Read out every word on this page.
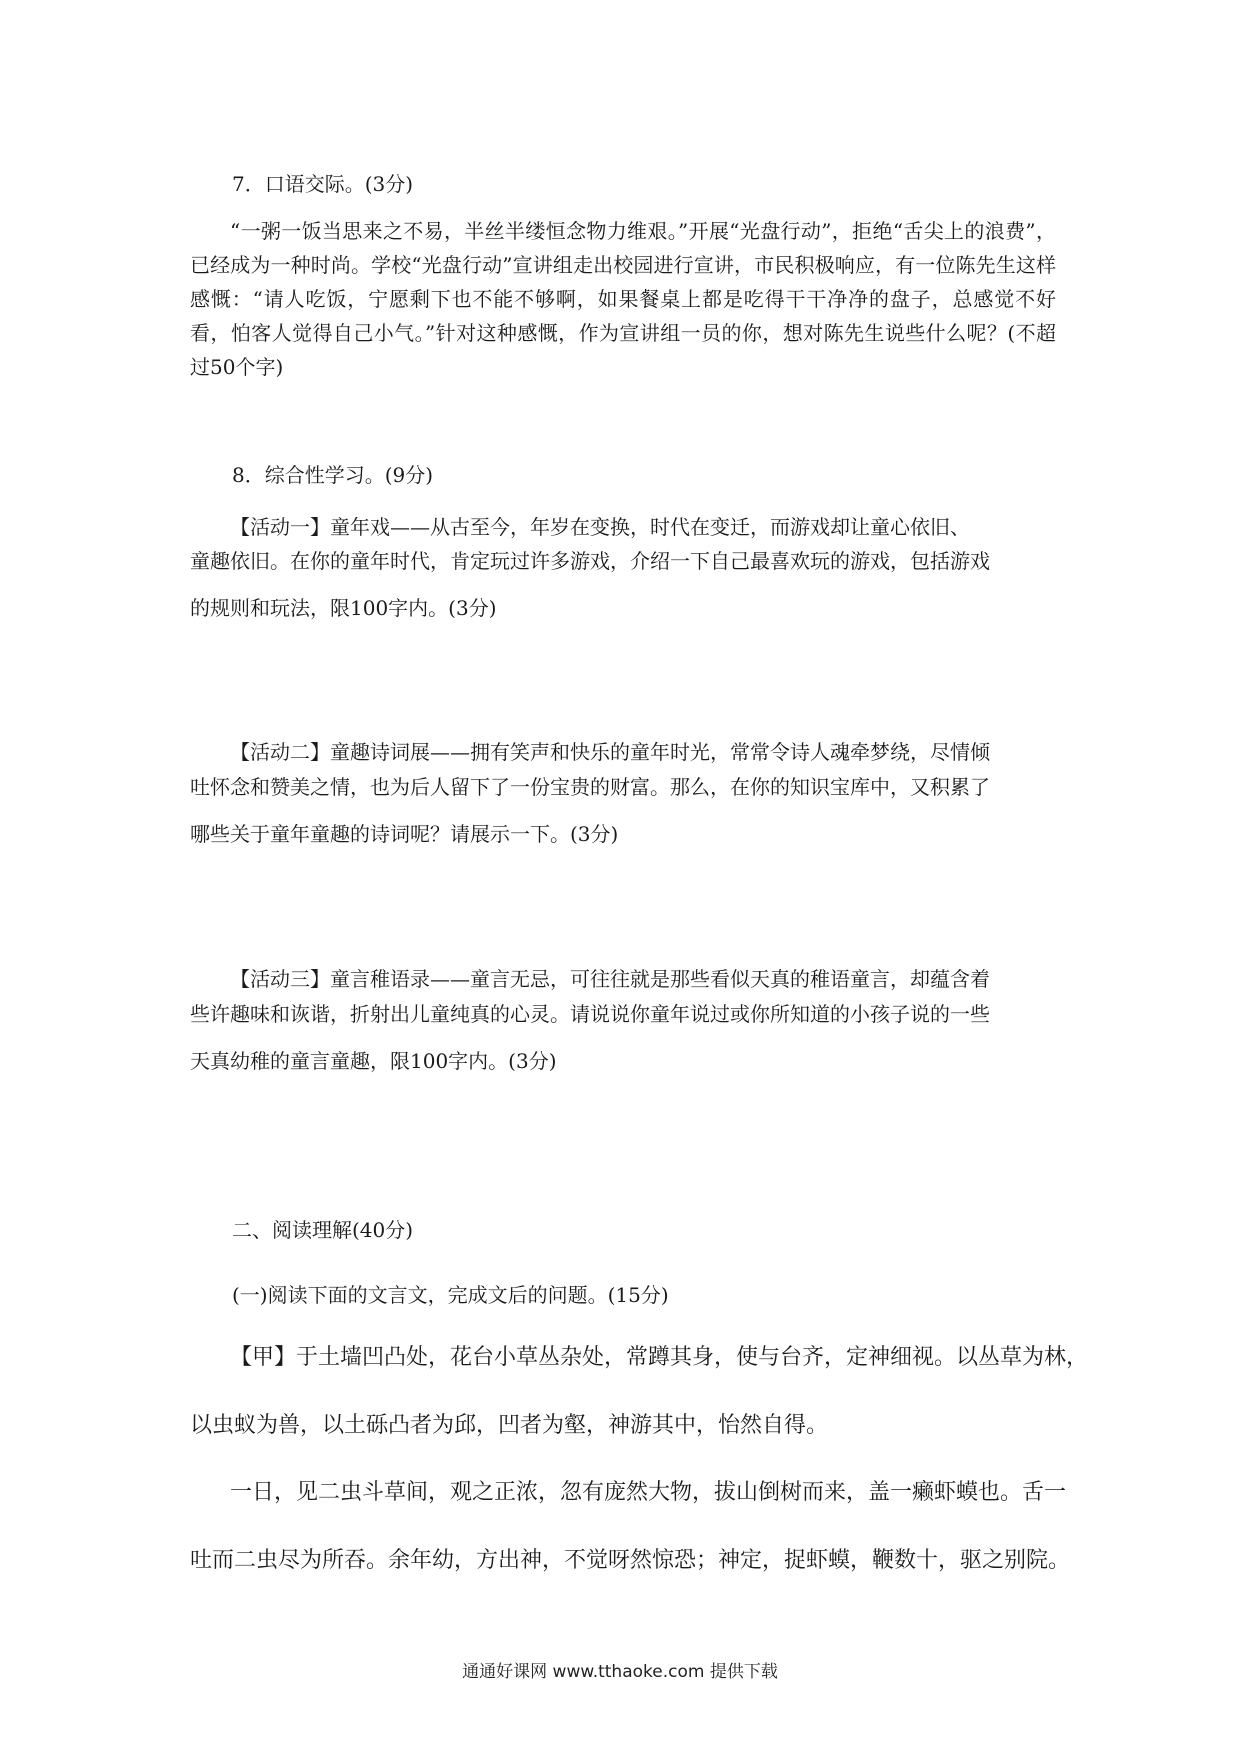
7．口语交际。(3分)
“一粥一饭当思来之不易，半丝半缕恒念物力维艰。”开展“光盘行动”，拒绝“舌尖上的浪费”，已经成为一种时尚。学校“光盘行动”宣讲组走出校园进行宣讲，市民积极响应，有一位陈先生这样感慨：“请人吃饭，宁愿剩下也不能不够啊，如果餐桌上都是吃得干干净净的盘子，总感觉不好看，怕客人觉得自己小气。”针对这种感慨，作为宣讲组一员的你，想对陈先生说些什么呢？(不超过50个字)
8．综合性学习。(9分)
【活动一】童年戏——从古至今，年岁在变换，时代在变迁，而游戏却让童心依旧、
童趣依旧。在你的童年时代，肯定玩过许多游戏，介绍一下自己最喜欢玩的游戏，包括游戏
的规则和玩法，限100字内。(3分)
【活动二】童趣诗词展——拥有笑声和快乐的童年时光，常常令诗人魂牵梦绕，尽情倾
吐怀念和赞美之情，也为后人留下了一份宝贵的财富。那么，在你的知识宝库中，又积累了
哪些关于童年童趣的诗词呢？请展示一下。(3分)
【活动三】童言稚语录——童言无忌，可往往就是那些看似天真的稚语童言，却蕴含着
些许趣味和诙谐，折射出儿童纯真的心灵。请说说你童年说过或你所知道的小孩子说的一些
天真幼稚的童言童趣，限100字内。(3分)
二、阅读理解(40分)
(一)阅读下面的文言文，完成文后的问题。(15分)
【甲】于土墙凹凸处，花台小草丛杂处，常蹲其身，使与台齐，定神细视。以丛草为林，
以虫蚁为兽，以土砾凸者为邱，凹者为壑，神游其中，怡然自得。
一日，见二虫斗草间，观之正浓，忽有庞然大物，拔山倒树而来，盖一癞虾蟆也。舌一
吐而二虫尽为所吞。余年幼，方出神，不觉呀然惊恐；神定，捉虾蟆，鞭数十，驱之别院。
通通好课网 www.tthaoke.com 提供下载
